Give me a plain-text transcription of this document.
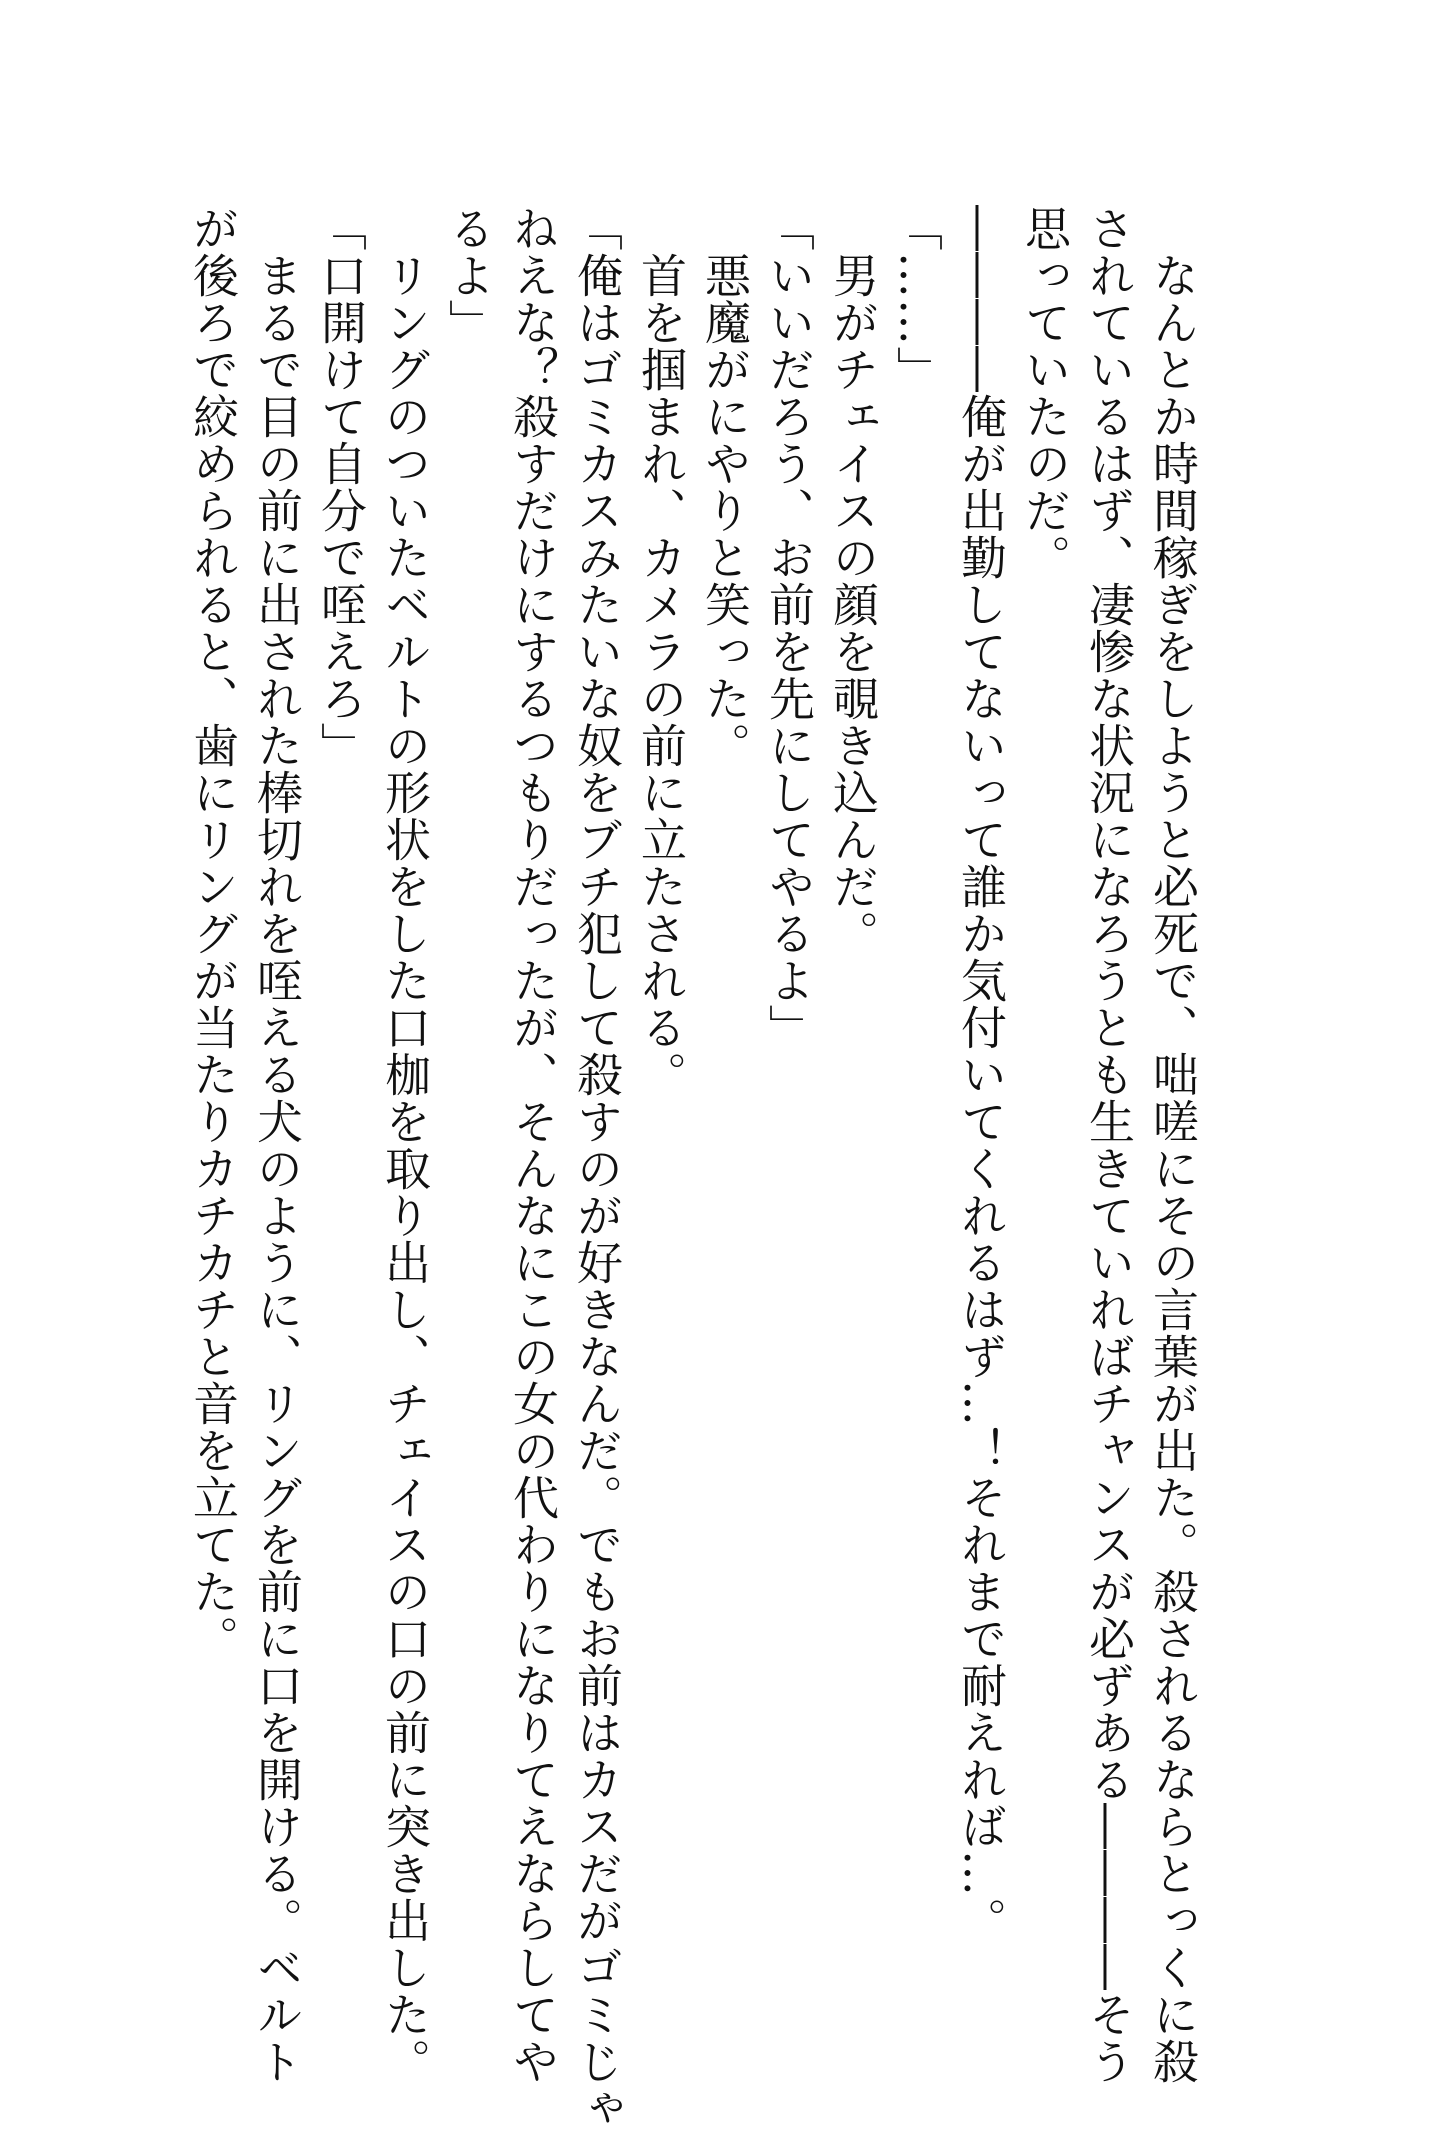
　なんとか時間稼ぎをしようと必死で、咄嗟にその言葉が出た。殺されるならとっくに殺
されているはず、凄惨な状況になろうとも生きていればチャンスが必ずある――――そう
思っていたのだ。
――――俺が出勤してないって誰か気付いてくれるはず…！それまで耐えれば…。
「……」
　男がチェイスの顔を覗き込んだ。
「いいだろう、お前を先にしてやるよ」
　悪魔がにやりと笑った。
　首を掴まれ、カメラの前に立たされる。
「俺はゴミカスみたいな奴をブチ犯して殺すのが好きなんだ。でもお前はカスだがゴミじゃ
ねえな？殺すだけにするつもりだったが、そんなにこの女の代わりになりてえならしてや
るよ」
　リングのついたベルトの形状をした口枷を取り出し、チェイスの口の前に突き出した。
「口開けて自分で咥えろ」
　まるで目の前に出された棒切れを咥える犬のように、リングを前に口を開ける。ベルト
が後ろで絞められると、歯にリングが当たりカチカチと音を立てた。
